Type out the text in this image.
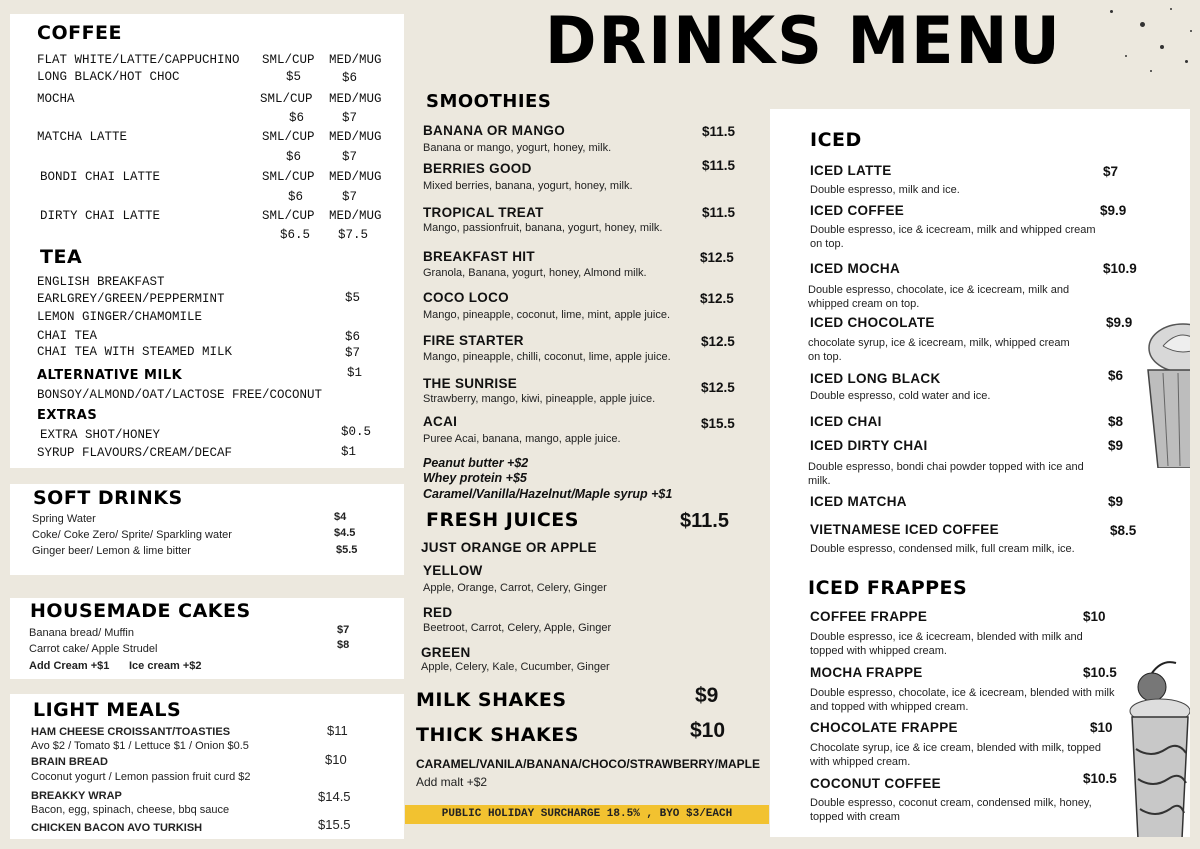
DRINKS MENU
COFFEE
FLAT WHITE/LATTE/CAPPUCHINO
LONG BLACK/HOT CHOC
SML/CUP MED/MUG
$5	$6
MOCHA	SML/CUP MED/MUG
$6	$7
MATCHA LATTE	SML/CUP MED/MUG
$6	$7
BONDI CHAI LATTE	SML/CUP MED/MUG
$6	$7
DIRTY CHAI LATTE	SML/CUP MED/MUG
$6.5 $7.5
TEA
ENGLISH BREAKFAST
EARLGREY/GREEN/PEPPERMINT	$5
LEMON GINGER/CHAMOMILE
CHAI TEA	$6
CHAI TEA WITH STEAMED MILK	$7
ALTERNATIVE MILK	$1
BONSOY/ALMOND/OAT/LACTOSE FREE/COCONUT
EXTRAS
EXTRA SHOT/HONEY	$0.5
SYRUP FLAVOURS/CREAM/DECAF	$1
SOFT DRINKS
Spring Water	$4
Coke/ Coke Zero/ Sprite/ Sparkling water	$4.5
Ginger beer/ Lemon & lime bitter	$5.5
HOUSEMADE CAKES
Banana bread/ Muffin	$7
Carrot cake/ Apple Strudel	$8
Add Cream +$1 Ice cream +$2
LIGHT MEALS
HAM CHEESE CROISSANT/TOASTIES	$11
Avo $2 / Tomato $1 / Lettuce $1 / Onion $0.5
BRAIN BREAD	$10
Coconut yogurt / Lemon passion fruit curd $2
BREAKKY WRAP	$14.5
Bacon, egg, spinach, cheese, bbq sauce
CHICKEN BACON AVO TURKISH	$15.5
SMOOTHIES
BANANA OR MANGO	$11.5
Banana or mango, yogurt, honey, milk.
BERRIES GOOD	$11.5
Mixed berries, banana, yogurt, honey, milk.
TROPICAL TREAT	$11.5
Mango, passionfruit, banana, yogurt, honey, milk.
BREAKFAST HIT	$12.5
Granola, Banana, yogurt, honey, Almond milk.
COCO LOCO	$12.5
Mango, pineapple, coconut, lime, mint, apple juice.
FIRE STARTER	$12.5
Mango, pineapple, chilli, coconut, lime, apple juice.
THE SUNRISE	$12.5
Strawberry, mango, kiwi, pineapple, apple juice.
ACAI	$15.5
Puree Acai, banana, mango, apple juice.
Peanut butter +$2
Whey protein +$5
Caramel/Vanilla/Hazelnut/Maple syrup +$1
FRESH JUICES	$11.5
JUST ORANGE OR APPLE
YELLOW
Apple, Orange, Carrot, Celery, Ginger
RED
Beetroot, Carrot, Celery, Apple, Ginger
GREEN
Apple, Celery, Kale, Cucumber, Ginger
MILK SHAKES	$9
THICK SHAKES	$10
CARAMEL/VANILA/BANANA/CHOCO/STRAWBERRY/MAPLE
Add malt +$2
PUBLIC HOLIDAY SURCHARGE 18.5% , BYO $3/EACH
ICED
ICED LATTE	$7
Double espresso, milk and ice.
ICED COFFEE	$9.9
Double espresso, ice & icecream, milk and whipped cream on top.
ICED MOCHA	$10.9
Double espresso, chocolate, ice & icecream, milk and whipped cream on top.
ICED CHOCOLATE	$9.9
chocolate syrup, ice & icecream, milk, whipped cream on top.
ICED LONG BLACK	$6
Double espresso, cold water and ice.
ICED CHAI	$8
ICED DIRTY CHAI	$9
Double espresso, bondi chai powder topped with ice and milk.
ICED MATCHA	$9
VIETNAMESE ICED COFFEE	$8.5
Double espresso, condensed milk, full cream milk, ice.
ICED FRAPPES
COFFEE FRAPPE	$10
Double espresso, ice & icecream, blended with milk and topped with whipped cream.
MOCHA FRAPPE	$10.5
Double espresso, chocolate, ice & icecream, blended with milk and topped with whipped cream.
CHOCOLATE FRAPPE	$10
Chocolate syrup, ice & ice cream, blended with milk, topped with whipped cream.
COCONUT COFFEE	$10.5
Double espresso, coconut cream, condensed milk, honey, topped with cream
